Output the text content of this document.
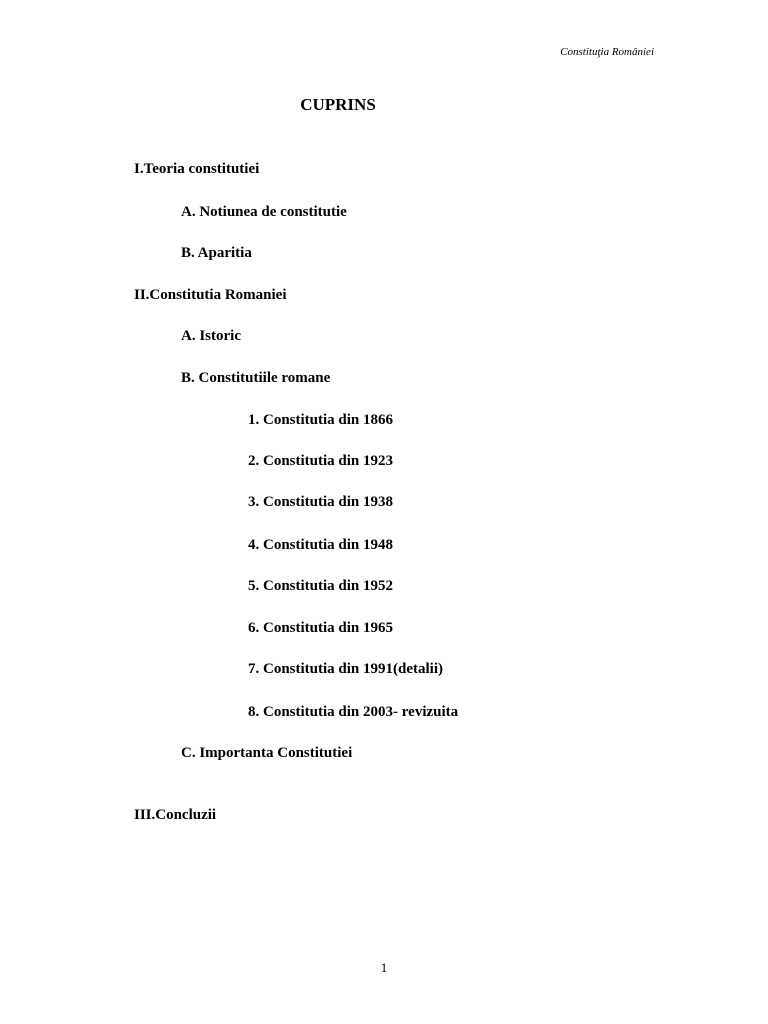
Constituţia României
CUPRINS
I.Teoria constitutiei
A. Notiunea de constitutie
B. Aparitia
II.Constitutia Romaniei
A. Istoric
B. Constitutiile romane
1. Constitutia din 1866
2. Constitutia din 1923
3. Constitutia din 1938
4. Constitutia din 1948
5. Constitutia din 1952
6. Constitutia din 1965
7. Constitutia din 1991(detalii)
8. Constitutia din 2003- revizuita
C. Importanta Constitutiei
III.Concluzii
1
